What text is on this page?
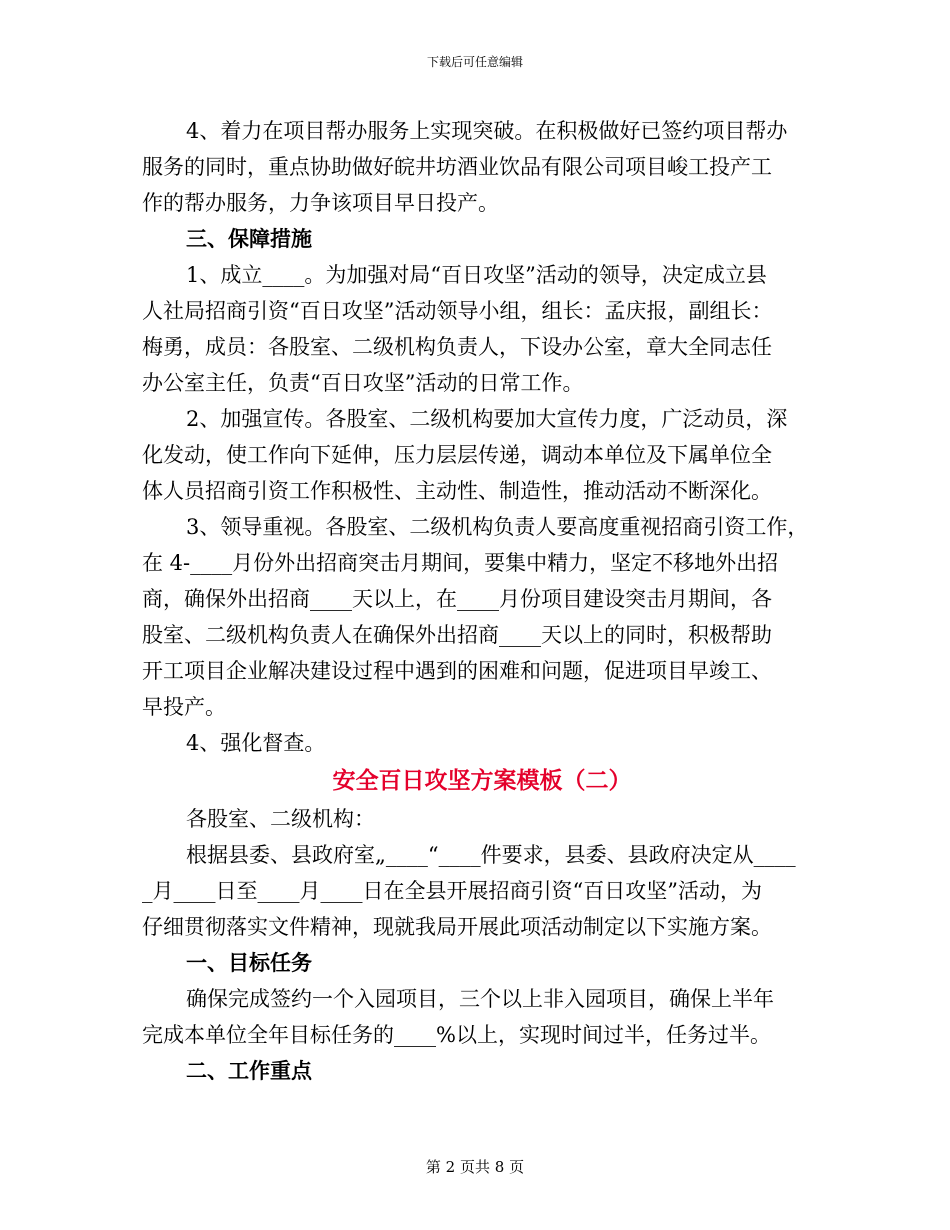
下载后可任意编辑
4、着力在项目帮办服务上实现突破。在积极做好已签约项目帮办
服务的同时，重点协助做好皖井坊酒业饮品有限公司项目峻工投产工
作的帮办服务，力争该项目早日投产。
三、保障措施
1、成立____。为加强对局“百日攻坚”活动的领导，决定成立县
人社局招商引资“百日攻坚”活动领导小组，组长：孟庆报，副组长：
梅勇，成员：各股室、二级机构负责人，下设办公室，章大全同志任
办公室主任，负责“百日攻坚”活动的日常工作。
2、加强宣传。各股室、二级机构要加大宣传力度，广泛动员，深
化发动，使工作向下延伸，压力层层传递，调动本单位及下属单位全
体人员招商引资工作积极性、主动性、制造性，推动活动不断深化。
3、领导重视。各股室、二级机构负责人要高度重视招商引资工作，
在 4-____月份外出招商突击月期间，要集中精力，坚定不移地外出招
商，确保外出招商____天以上，在____月份项目建设突击月期间，各
股室、二级机构负责人在确保外出招商____天以上的同时，积极帮助
开工项目企业解决建设过程中遇到的困难和问题，促进项目早竣工、
早投产。
4、强化督查。
安全百日攻坚方案模板（二）
各股室、二级机构：
根据县委、县政府室„____“____件要求，县委、县政府决定从____
_月____日至____月____日在全县开展招商引资“百日攻坚”活动，为
仔细贯彻落实文件精神，现就我局开展此项活动制定以下实施方案。
一、目标任务
确保完成签约一个入园项目，三个以上非入园项目，确保上半年
完成本单位全年目标任务的____%以上，实现时间过半，任务过半。
二、工作重点
第 2 页共 8 页
